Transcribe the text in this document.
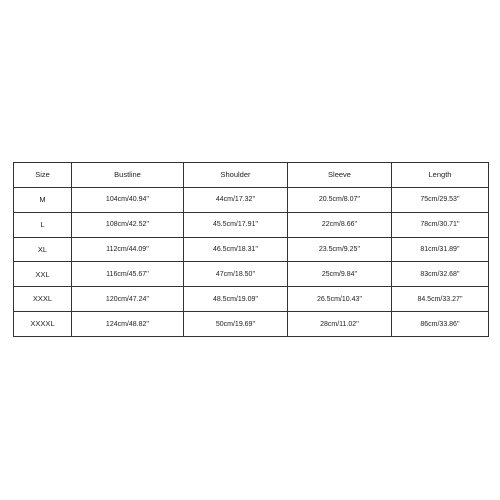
Size	Bustline	Shoulder	Sleeve	Length
M	104cm/40.94''	44cm/17.32''	20.5cm/8.07''	75cm/29.53''
L	108cm/42.52''	45.5cm/17.91''	22cm/8.66''	78cm/30.71''
XL	112cm/44.09''	46.5cm/18.31''	23.5cm/9.25''	81cm/31.89''
XXL	116cm/45.67''	47cm/18.50''	25cm/9.84''	83cm/32.68''
XXXL	120cm/47.24''	48.5cm/19.09''	26.5cm/10.43''	84.5cm/33.27''
XXXXL	124cm/48.82''	50cm/19.69''	28cm/11.02''	86cm/33.86''
